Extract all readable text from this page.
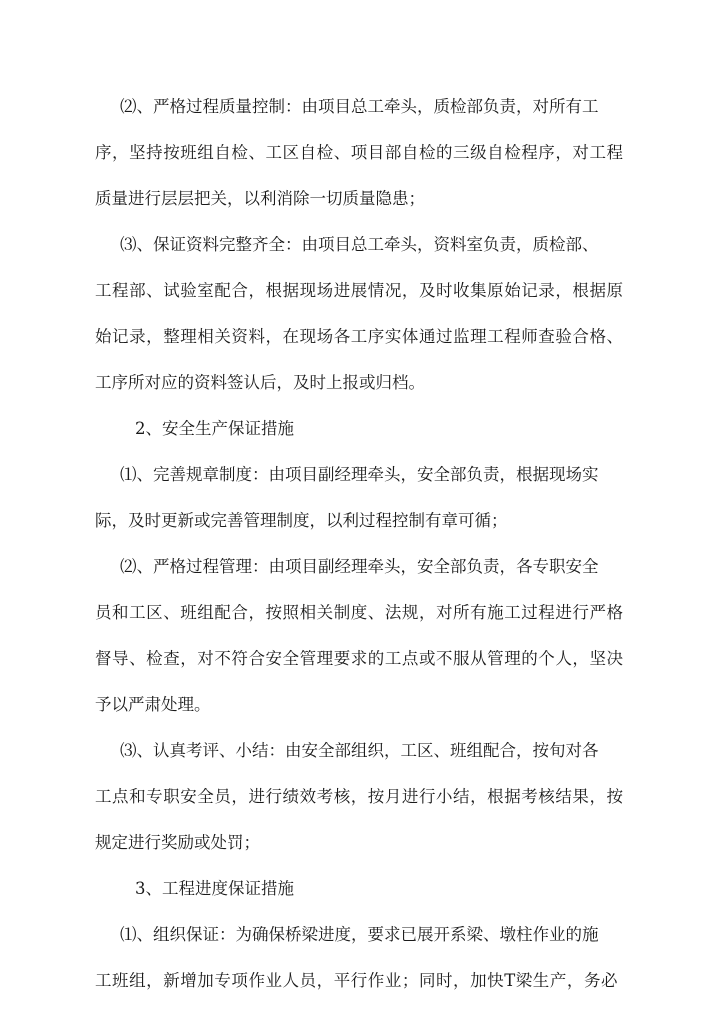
⑵、严格过程质量控制：由项目总工牵头，质检部负责，对所有工
序，坚持按班组自检、工区自检、项目部自检的三级自检程序，对工程
质量进行层层把关，以利消除一切质量隐患；
⑶、保证资料完整齐全：由项目总工牵头，资料室负责，质检部、
工程部、试验室配合，根据现场进展情况，及时收集原始记录，根据原
始记录，整理相关资料，在现场各工序实体通过监理工程师查验合格、
工序所对应的资料签认后，及时上报或归档。
2、安全生产保证措施
⑴、完善规章制度：由项目副经理牵头，安全部负责，根据现场实
际，及时更新或完善管理制度，以利过程控制有章可循；
⑵、严格过程管理：由项目副经理牵头，安全部负责，各专职安全
员和工区、班组配合，按照相关制度、法规，对所有施工过程进行严格
督导、检查，对不符合安全管理要求的工点或不服从管理的个人，坚决
予以严肃处理。
⑶、认真考评、小结：由安全部组织，工区、班组配合，按旬对各
工点和专职安全员，进行绩效考核，按月进行小结，根据考核结果，按
规定进行奖励或处罚；
3、工程进度保证措施
⑴、组织保证：为确保桥梁进度，要求已展开系梁、墩柱作业的施
工班组，新增加专项作业人员，平行作业；同时，加快T梁生产，务必
